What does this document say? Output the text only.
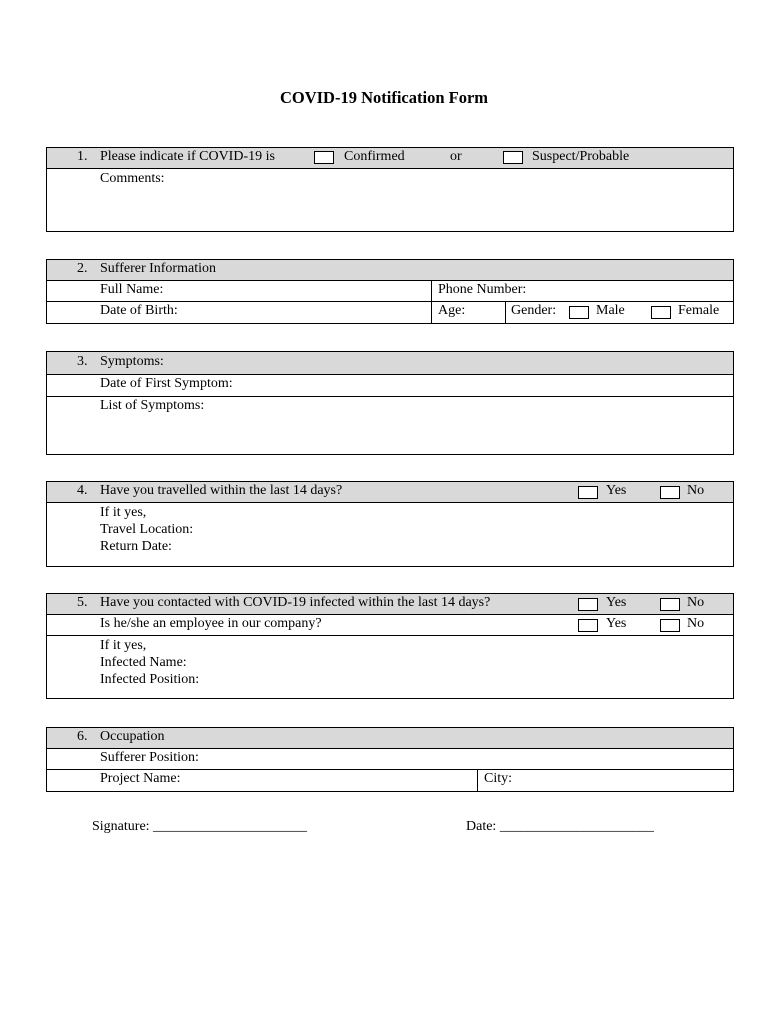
COVID-19 Notification Form
1. Please indicate if COVID-19 is	Confirmed	or	Suspect/Probable
Comments:
2. Sufferer Information
Full Name:	Phone Number:
Date of Birth:	Age:	Gender:	Male	Female
3. Symptoms:
Date of First Symptom:
List of Symptoms:
4. Have you travelled within the last 14 days?	Yes	No
If it yes,
Travel Location:
Return Date:
5. Have you contacted with COVID-19 infected within the last 14 days?	Yes	No
Is he/she an employee in our company?	Yes	No
If it yes,
Infected Name:
Infected Position:
6. Occupation
Sufferer Position:
Project Name:	City:
Signature: ______________________	Date: ______________________
